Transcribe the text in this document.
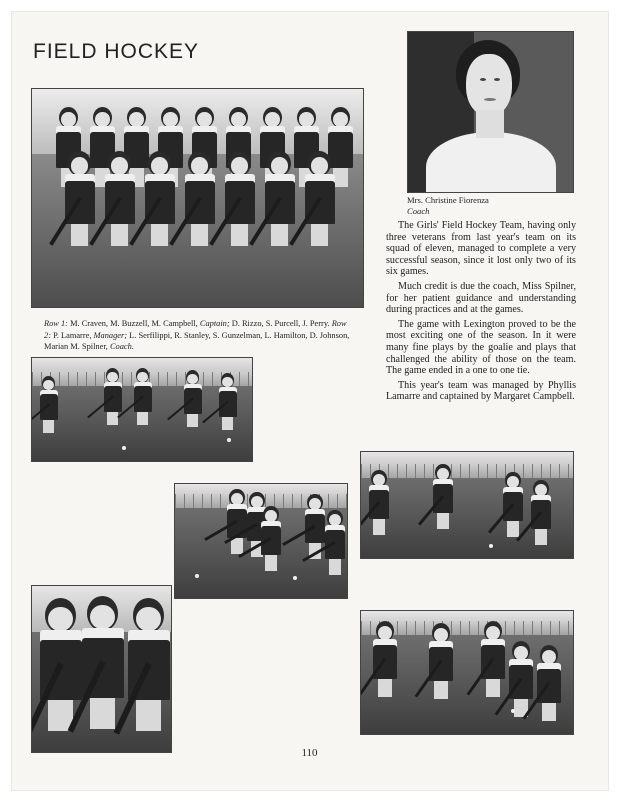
FIELD HOCKEY
Mrs. Christine Fiorenza
Coach
Row 1: M. Craven, M. Buzzell, M. Campbell, Captain; D. Rizzo, S. Purcell, J. Perry. Row 2: P. Lamarre, Manager; L. Serfilippi, R. Stanley, S. Gunzelman, L. Hamilton, D. Johnson, Marian M. Spilner, Coach.

The Girls' Field Hockey Team, having only three veterans from last year's team on its squad of eleven, managed to complete a very successful season, since it lost only two of its six games.

Much credit is due the coach, Miss Spilner, for her patient guidance and understanding during practices and at the games.

The game with Lexington proved to be the most exciting one of the season. In it were many fine plays by the goalie and plays that challenged the ability of those on the team. The game ended in a one to one tie.

This year's team was managed by Phyllis Lamarre and captained by Margaret Campbell.

110
